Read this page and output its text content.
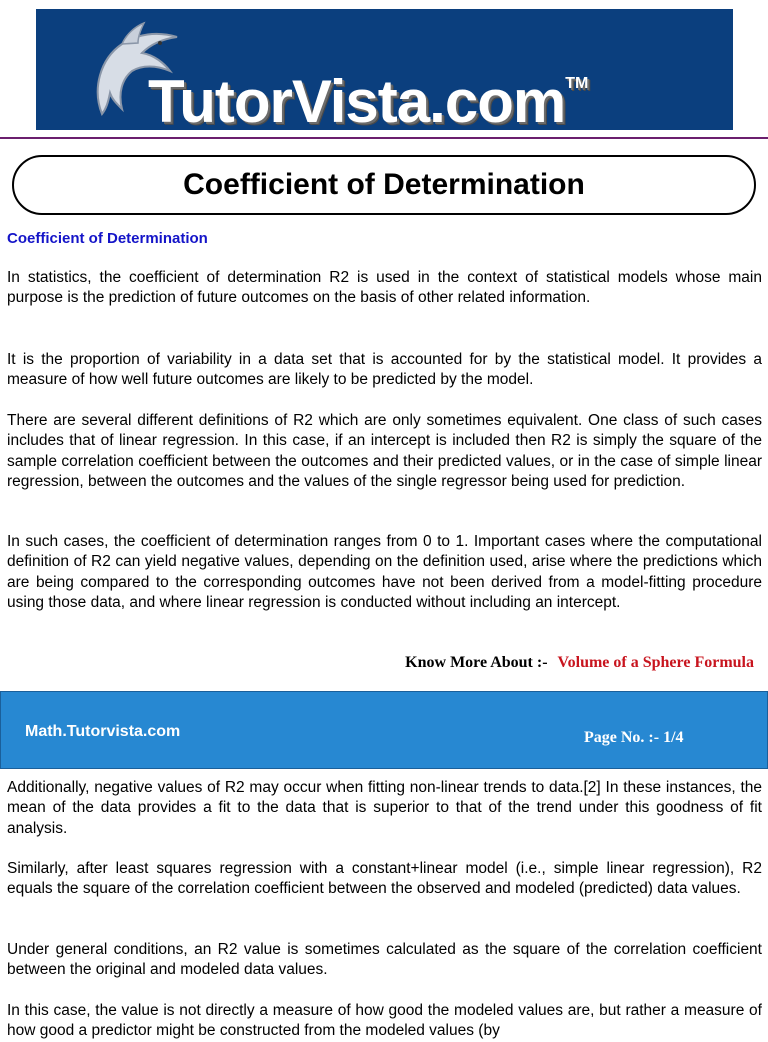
TutorVista.com™
Coefficient of Determination
Coefficient of Determination

In statistics, the coefficient of determination R2 is used in the context of statistical models whose main purpose is the prediction of future outcomes on the basis of other related information.

It is the proportion of variability in a data set that is accounted for by the statistical model. It provides a measure of how well future outcomes are likely to be predicted by the model.

There are several different definitions of R2 which are only sometimes equivalent. One class of such cases includes that of linear regression. In this case, if an intercept is included then R2 is simply the square of the sample correlation coefficient between the outcomes and their predicted values, or in the case of simple linear regression, between the outcomes and the values of the single regressor being used for prediction.

In such cases, the coefficient of determination ranges from 0 to 1. Important cases where the computational definition of R2 can yield negative values, depending on the definition used, arise where the predictions which are being compared to the corresponding outcomes have not been derived from a model-fitting procedure using those data, and where linear regression is conducted without including an intercept.

Know More About :- Volume of a Sphere Formula
Math.Tutorvista.com	Page No. :- 1/4

Additionally, negative values of R2 may occur when fitting non-linear trends to data.[2] In these instances, the mean of the data provides a fit to the data that is superior to that of the trend under this goodness of fit analysis.

Similarly, after least squares regression with a constant+linear model (i.e., simple linear regression), R2 equals the square of the correlation coefficient between the observed and modeled (predicted) data values.

Under general conditions, an R2 value is sometimes calculated as the square of the correlation coefficient between the original and modeled data values.

In this case, the value is not directly a measure of how good the modeled values are, but rather a measure of how good a predictor might be constructed from the modeled values (by
